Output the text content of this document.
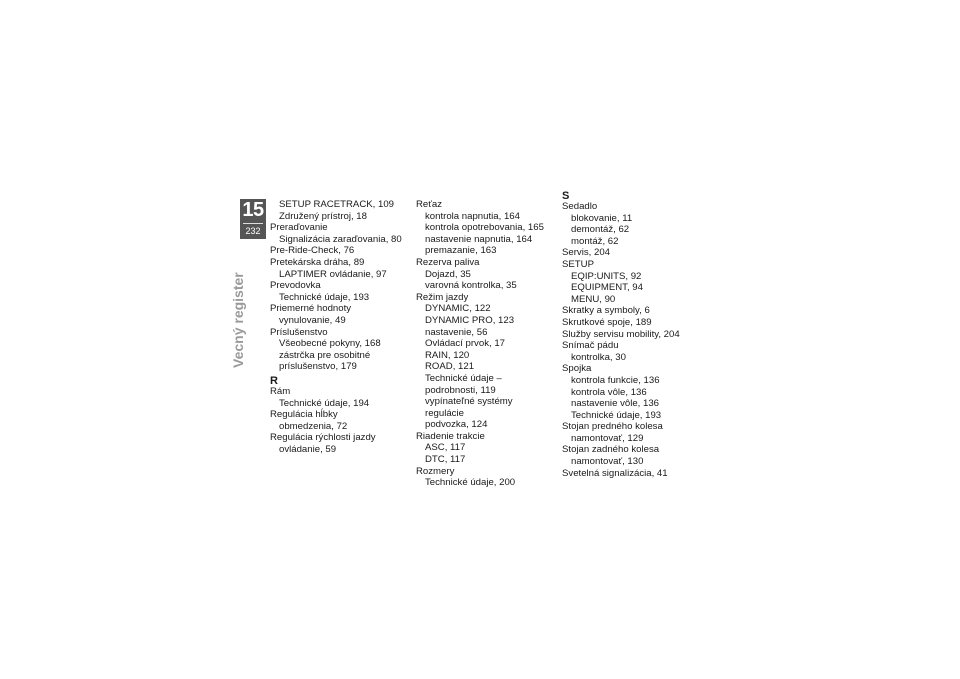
15
232
Vecný register
SETUP RACETRACK, 109
Združený prístroj, 18
Preraďovanie
Signalizácia zaraďovania, 80
Pre-Ride-Check, 76
Pretekárska dráha, 89
LAPTIMER ovládanie, 97
Prevodovka
Technické údaje, 193
Priemerné hodnoty
vynulovanie, 49
Príslušenstvo
Všeobecné pokyny, 168
zástrčka pre osobitné
príslušenstvo, 179
R
Rám
Technické údaje, 194
Regulácia hĺbky
obmedzenia, 72
Regulácia rýchlosti jazdy
ovládanie, 59
Reťaz
kontrola napnutia, 164
kontrola opotrebovania, 165
nastavenie napnutia, 164
premazanie, 163
Rezerva paliva
Dojazd, 35
varovná kontrolka, 35
Režim jazdy
DYNAMIC, 122
DYNAMIC PRO, 123
nastavenie, 56
Ovládací prvok, 17
RAIN, 120
ROAD, 121
Technické údaje –
podrobnosti, 119
vypínateľné systémy regulácie
podvozka, 124
Riadenie trakcie
ASC, 117
DTC, 117
Rozmery
Technické údaje, 200
S
Sedadlo
blokovanie, 11
demontáž, 62
montáž, 62
Servis, 204
SETUP
EQIP:UNITS, 92
EQUIPMENT, 94
MENU, 90
Skratky a symboly, 6
Skrutkové spoje, 189
Služby servisu mobility, 204
Snímač pádu
kontrolka, 30
Spojka
kontrola funkcie, 136
kontrola vôle, 136
nastavenie vôle, 136
Technické údaje, 193
Stojan predného kolesa
namontovať, 129
Stojan zadného kolesa
namontovať, 130
Svetelná signalizácia, 41
